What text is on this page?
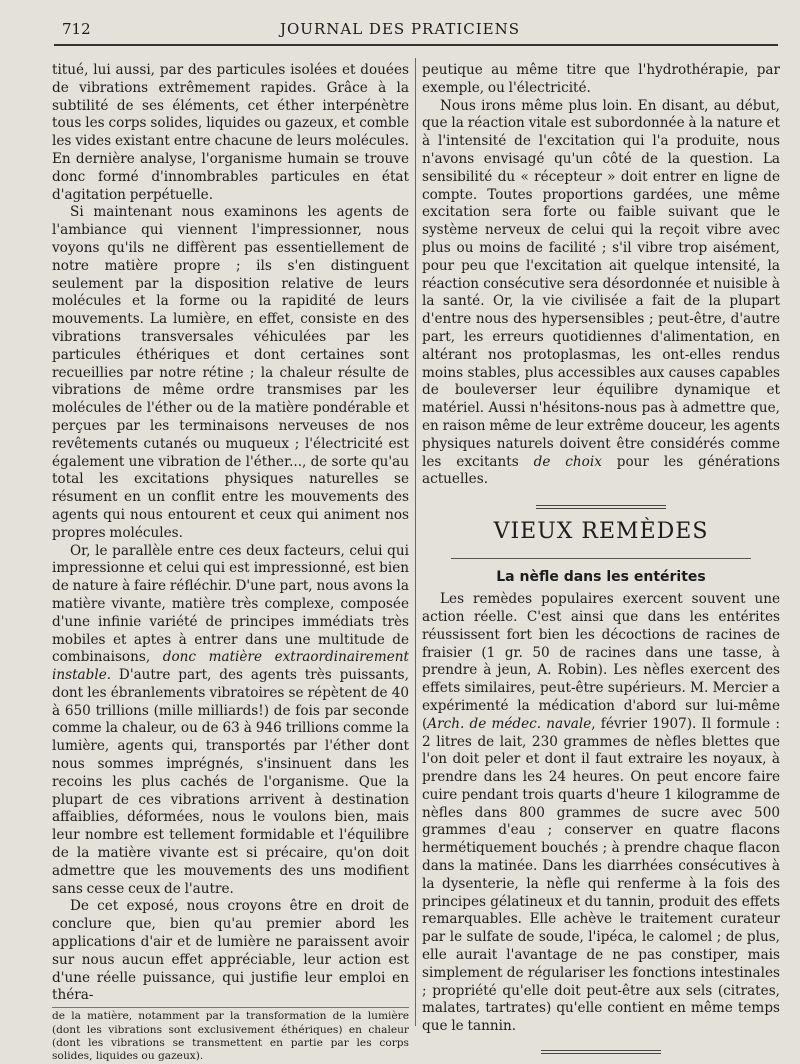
712	JOURNAL DES PRATICIENS

titué, lui aussi, par des particules isolées et douées de vibrations extrêmement rapides. Grâce à la subtilité de ses éléments, cet éther interpénètre tous les corps solides, liquides ou gazeux, et comble les vides existant entre chacune de leurs molécules. En dernière analyse, l'organisme humain se trouve donc formé d'innombrables particules en état d'agitation perpétuelle.

Si maintenant nous examinons les agents de l'ambiance qui viennent l'impressionner, nous voyons qu'ils ne diffèrent pas essentiellement de notre matière propre ; ils s'en distinguent seulement par la disposition relative de leurs molécules et la forme ou la rapidité de leurs mouvements. La lumière, en effet, consiste en des vibrations transversales véhiculées par les particules éthériques et dont certaines sont recueillies par notre rétine ; la chaleur résulte de vibrations de même ordre transmises par les molécules de l'éther ou de la matière pondérable et perçues par les terminaisons nerveuses de nos revêtements cutanés ou muqueux ; l'électricité est également une vibration de l'éther..., de sorte qu'au total les excitations physiques naturelles se résument en un conflit entre les mouvements des agents qui nous entourent et ceux qui animent nos propres molécules.

Or, le parallèle entre ces deux facteurs, celui qui impressionne et celui qui est impressionné, est bien de nature à faire réfléchir. D'une part, nous avons la matière vivante, matière très complexe, composée d'une infinie variété de principes immédiats très mobiles et aptes à entrer dans une multitude de combinaisons, donc matière extraordinairement instable. D'autre part, des agents très puissants, dont les ébranlements vibratoires se répètent de 40 à 650 trillions (mille milliards!) de fois par seconde comme la chaleur, ou de 63 à 946 trillions comme la lumière, agents qui, transportés par l'éther dont nous sommes imprégnés, s'insinuent dans les recoins les plus cachés de l'organisme. Que la plupart de ces vibrations arrivent à destination affaiblies, déformées, nous le voulons bien, mais leur nombre est tellement formidable et l'équilibre de la matière vivante est si précaire, qu'on doit admettre que les mouvements des uns modifient sans cesse ceux de l'autre.

De cet exposé, nous croyons être en droit de conclure que, bien qu'au premier abord les applications d'air et de lumière ne paraissent avoir sur nous aucun effet appréciable, leur action est d'une réelle puissance, qui justifie leur emploi en théra-

de la matière, notamment par la transformation de la lumière (dont les vibrations sont exclusivement éthériques) en chaleur (dont les vibrations se transmettent en partie par les corps solides, liquides ou gazeux).

peutique au même titre que l'hydrothérapie, par exemple, ou l'électricité.

Nous irons même plus loin. En disant, au début, que la réaction vitale est subordonnée à la nature et à l'intensité de l'excitation qui l'a produite, nous n'avons envisagé qu'un côté de la question. La sensibilité du « récepteur » doit entrer en ligne de compte. Toutes proportions gardées, une même excitation sera forte ou faible suivant que le système nerveux de celui qui la reçoit vibre avec plus ou moins de facilité ; s'il vibre trop aisément, pour peu que l'excitation ait quelque intensité, la réaction consécutive sera désordonnée et nuisible à la santé. Or, la vie civilisée a fait de la plupart d'entre nous des hypersensibles ; peut-être, d'autre part, les erreurs quotidiennes d'alimentation, en altérant nos protoplasmas, les ont-elles rendus moins stables, plus accessibles aux causes capables de bouleverser leur équilibre dynamique et matériel. Aussi n'hésitons-nous pas à admettre que, en raison même de leur extrême douceur, les agents physiques naturels doivent être considérés comme les excitants de choix pour les générations actuelles.

VIEUX REMÈDES
La nèfle dans les entérites

Les remèdes populaires exercent souvent une action réelle. C'est ainsi que dans les entérites réussissent fort bien les décoctions de racines de fraisier (1 gr. 50 de racines dans une tasse, à prendre à jeun, A. Robin). Les nèfles exercent des effets similaires, peut-être supérieurs. M. Mercier a expérimenté la médication d'abord sur lui-même (Arch. de médec. navale, février 1907). Il formule : 2 litres de lait, 230 grammes de nèfles blettes que l'on doit peler et dont il faut extraire les noyaux, à prendre dans les 24 heures. On peut encore faire cuire pendant trois quarts d'heure 1 kilogramme de nèfles dans 800 grammes de sucre avec 500 grammes d'eau ; conserver en quatre flacons hermétiquement bouchés ; à prendre chaque flacon dans la matinée. Dans les diarrhées consécutives à la dysenterie, la nèfle qui renferme à la fois des principes gélatineux et du tannin, produit des effets remarquables. Elle achève le traitement curateur par le sulfate de soude, l'ipéca, le calomel ; de plus, elle aurait l'avantage de ne pas constiper, mais simplement de régulariser les fonctions intestinales ; propriété qu'elle doit peut-être aux sels (citrates, malates, tartrates) qu'elle contient en même temps que le tannin.
